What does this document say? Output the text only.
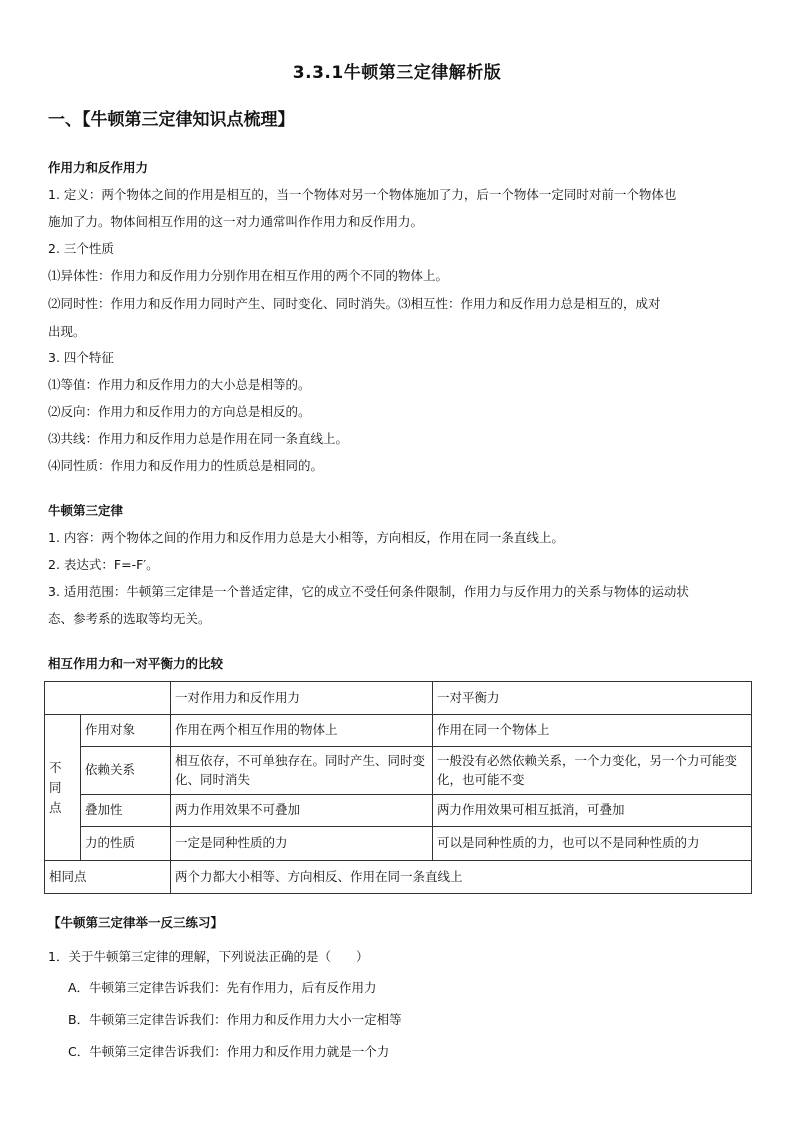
3.3.1牛顿第三定律解析版
一、【牛顿第三定律知识点梳理】
作用力和反作用力
1. 定义：两个物体之间的作用是相互的，当一个物体对另一个物体施加了力，后一个物体一定同时对前一个物体也
施加了力。物体间相互作用的这一对力通常叫作作用力和反作用力。
2. 三个性质
⑴异体性：作用力和反作用力分别作用在相互作用的两个不同的物体上。
⑵同时性：作用力和反作用力同时产生、同时变化、同时消失。⑶相互性：作用力和反作用力总是相互的，成对
出现。
3. 四个特征
⑴等值：作用力和反作用力的大小总是相等的。
⑵反向：作用力和反作用力的方向总是相反的。
⑶共线：作用力和反作用力总是作用在同一条直线上。
⑷同性质：作用力和反作用力的性质总是相同的。
牛顿第三定律
1. 内容：两个物体之间的作用力和反作用力总是大小相等，方向相反，作用在同一条直线上。
2. 表达式：F=-F′。
3. 适用范围：牛顿第三定律是一个普适定律，它的成立不受任何条件限制，作用力与反作用力的关系与物体的运动状
态、参考系的选取等均无关。
相互作用力和一对平衡力的比较
		一对作用力和反作用力	一对平衡力
不
同
点	作用对象	作用在两个相互作用的物体上	作用在同一个物体上
	依赖关系	相互依存，不可单独存在。同时产生、同时变化、同时消失	一般没有必然依赖关系，一个力变化，另一个力可能变化，也可能不变
	叠加性	两力作用效果不可叠加	两力作用效果可相互抵消，可叠加
	力的性质	一定是同种性质的力	可以是同种性质的力，也可以不是同种性质的力
相同点		两个力都大小相等、方向相反、作用在同一条直线上	
【牛顿第三定律举一反三练习】
1．关于牛顿第三定律的理解，下列说法正确的是（　　）
A．牛顿第三定律告诉我们：先有作用力，后有反作用力
B．牛顿第三定律告诉我们：作用力和反作用力大小一定相等
C．牛顿第三定律告诉我们：作用力和反作用力就是一个力
